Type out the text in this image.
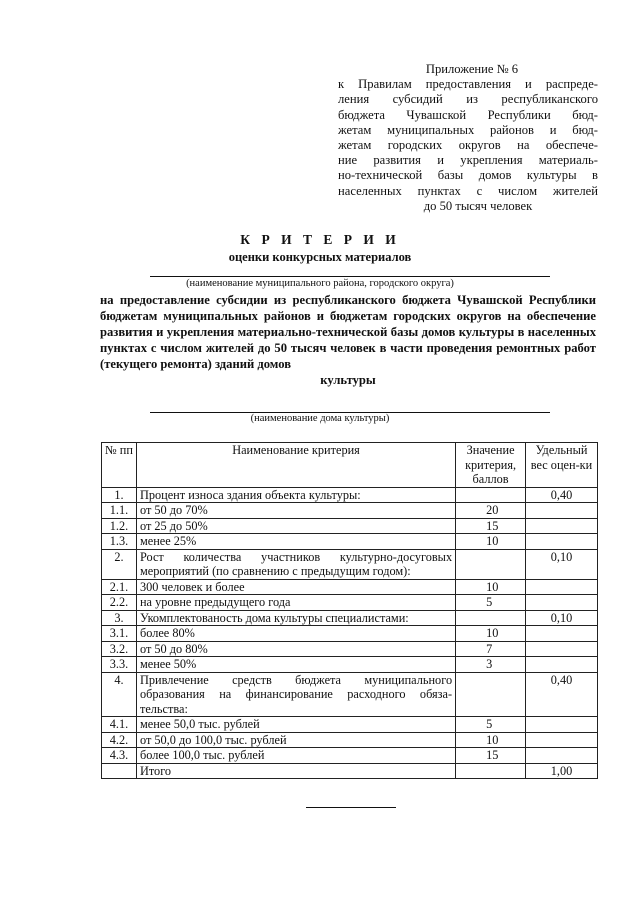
Приложение № 6
к Правилам предоставления и распреде-
ления субсидий из республиканского
бюджета Чувашской Республики бюд-
жетам муниципальных районов и бюд-
жетам городских округов на обеспече-
ние развития и укрепления материаль-
но-технической базы домов культуры в
населенных пунктах с числом жителей
до 50 тысяч человек
К Р И Т Е Р И И
оценки конкурсных материалов
(наименование муниципального района, городского округа)
на предоставление субсидии из республиканского бюджета Чувашской Республики бюджетам муниципальных районов и бюджетам городских округов на обеспечение развития и укрепления материально-технической базы домов культуры в населенных пунктах с числом жителей до 50 тысяч человек в части проведения ремонтных работ (текущего ремонта) зданий домов
культуры
(наименование дома культуры)
№ пп	Наименование критерия	Значение критерия, баллов	Удельный вес оцен-ки
1.	Процент износа здания объекта культуры:		0,40
1.1.	от 50 до 70%	20	
1.2.	от 25 до 50%	15	
1.3.	менее 25%	10	
2.	Рост количества участников культурно-досуговых мероприятий (по сравнению с предыдущим годом):		0,10
2.1.	300 человек и более	10	
2.2.	на уровне предыдущего года	5	
3.	Укомплектованость дома культуры специалистами:		0,10
3.1.	более 80%	10	
3.2.	от 50 до 80%	7	
3.3.	менее 50%	3	
4.	Привлечение средств бюджета муниципального образования на финансирование расходного обяза-тельства:		0,40
4.1.	менее 50,0 тыс. рублей	5	
4.2.	от 50,0 до 100,0 тыс. рублей	10	
4.3.	более 100,0 тыс. рублей	15	
	Итого		1,00
